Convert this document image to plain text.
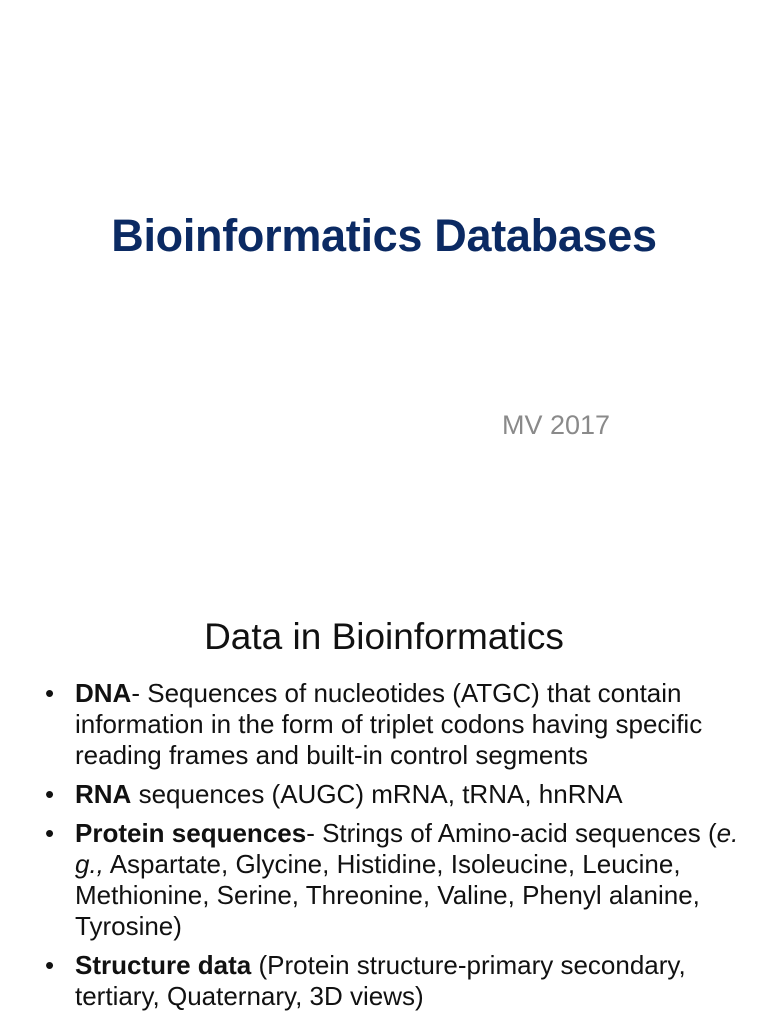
Bioinformatics Databases
MV 2017
Data in Bioinformatics
• DNA- Sequences of nucleotides (ATGC) that contain information in the form of triplet codons having specific reading frames and built-in control segments
• RNA sequences (AUGC) mRNA, tRNA, hnRNA
• Protein sequences- Strings of Amino-acid sequences (e. g., Aspartate, Glycine, Histidine, Isoleucine, Leucine, Methionine, Serine, Threonine, Valine, Phenyl alanine, Tyrosine)
• Structure data (Protein structure-primary secondary, tertiary, Quaternary, 3D views)
